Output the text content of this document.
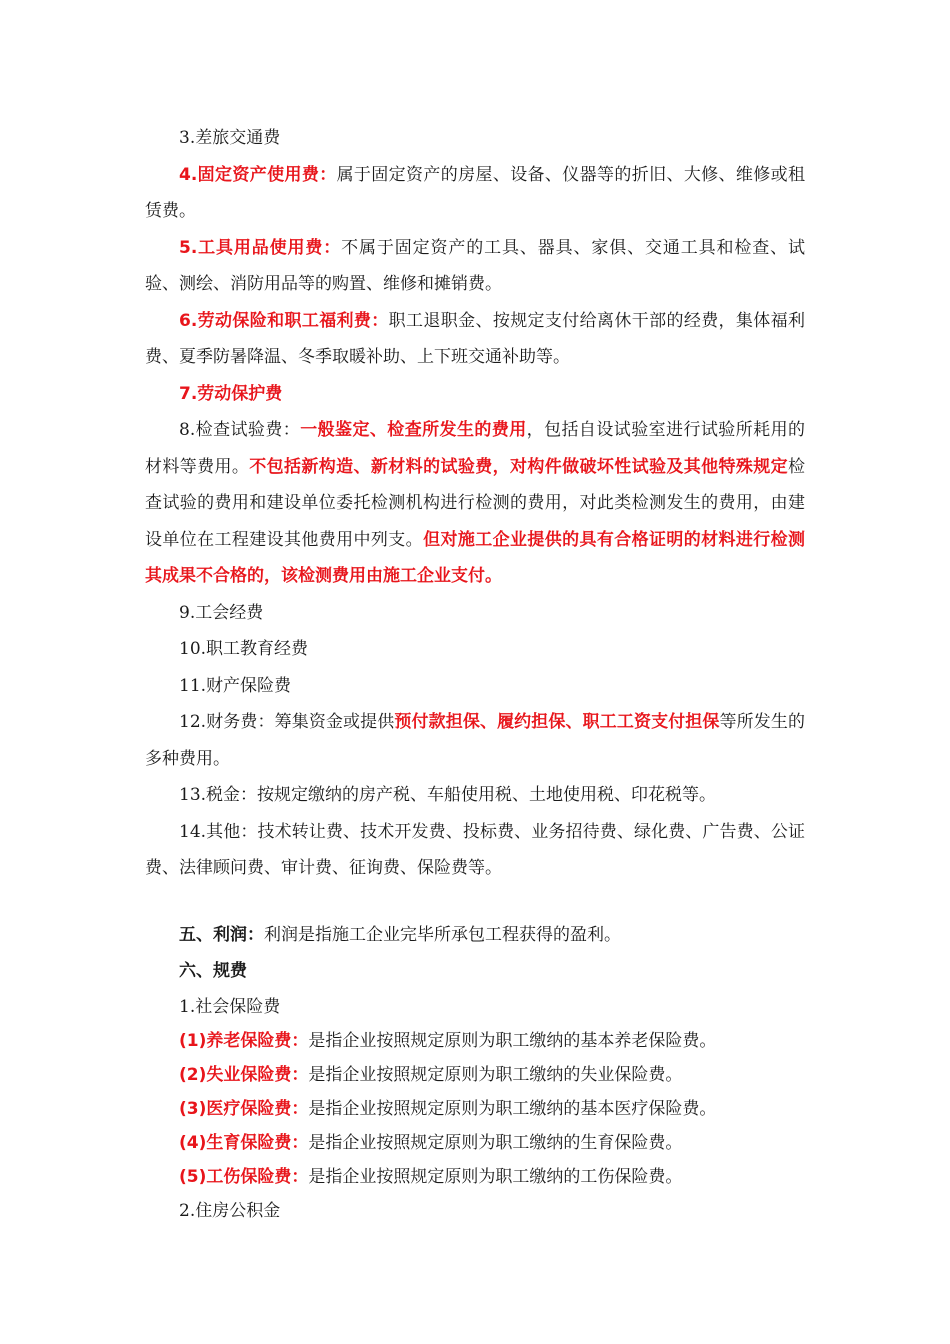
3.差旅交通费

4.固定资产使用费：属于固定资产的房屋、设备、仪器等的折旧、大修、维修或租赁费。

5.工具用品使用费：不属于固定资产的工具、器具、家俱、交通工具和检查、试验、测绘、消防用品等的购置、维修和摊销费。

6.劳动保险和职工福利费：职工退职金、按规定支付给离休干部的经费，集体福利费、夏季防暑降温、冬季取暖补助、上下班交通补助等。

7.劳动保护费

8.检查试验费：一般鉴定、检查所发生的费用，包括自设试验室进行试验所耗用的材料等费用。不包括新构造、新材料的试验费，对构件做破坏性试验及其他特殊规定检查试验的费用和建设单位委托检测机构进行检测的费用，对此类检测发生的费用，由建设单位在工程建设其他费用中列支。但对施工企业提供的具有合格证明的材料进行检测其成果不合格的，该检测费用由施工企业支付。

9.工会经费

10.职工教育经费

11.财产保险费

12.财务费：筹集资金或提供预付款担保、履约担保、职工工资支付担保等所发生的多种费用。

13.税金：按规定缴纳的房产税、车船使用税、土地使用税、印花税等。

14.其他：技术转让费、技术开发费、投标费、业务招待费、绿化费、广告费、公证费、法律顾问费、审计费、征询费、保险费等。

五、利润：利润是指施工企业完毕所承包工程获得的盈利。

六、规费

1.社会保险费

(1)养老保险费：是指企业按照规定原则为职工缴纳的基本养老保险费。

(2)失业保险费：是指企业按照规定原则为职工缴纳的失业保险费。

(3)医疗保险费：是指企业按照规定原则为职工缴纳的基本医疗保险费。

(4)生育保险费：是指企业按照规定原则为职工缴纳的生育保险费。

(5)工伤保险费：是指企业按照规定原则为职工缴纳的工伤保险费。

2.住房公积金
